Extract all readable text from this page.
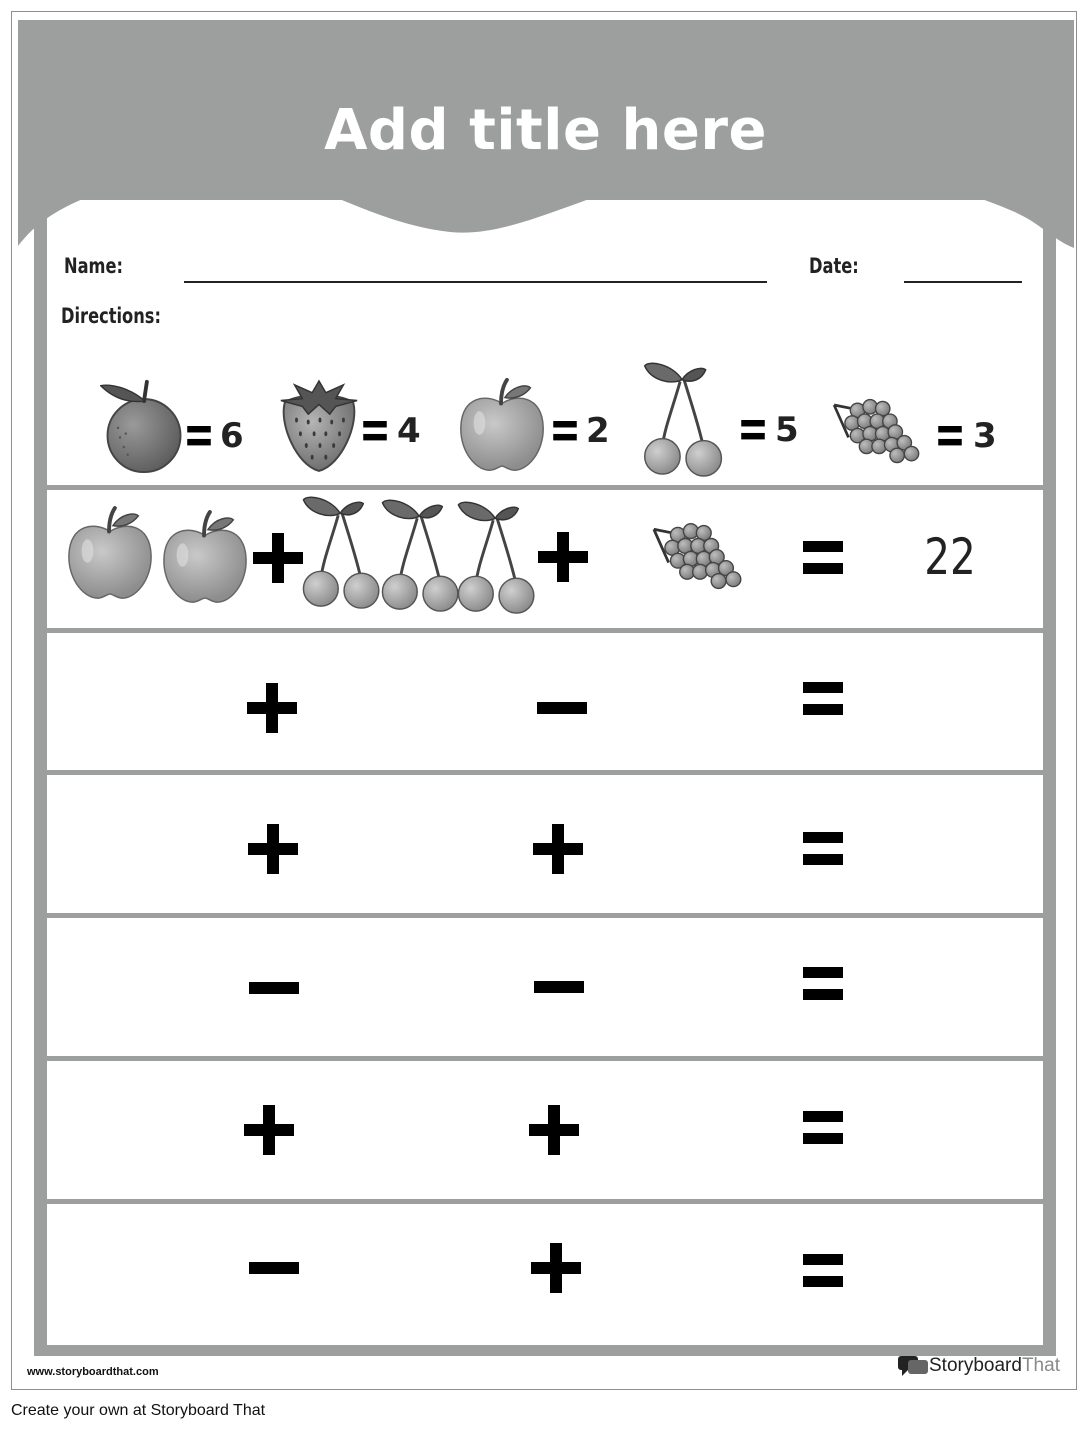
Add title here
Name:	Date:
Directions:
6	4	2	5	3
22
www.storyboardthat.com	Storyboard That
Create your own at Storyboard That
